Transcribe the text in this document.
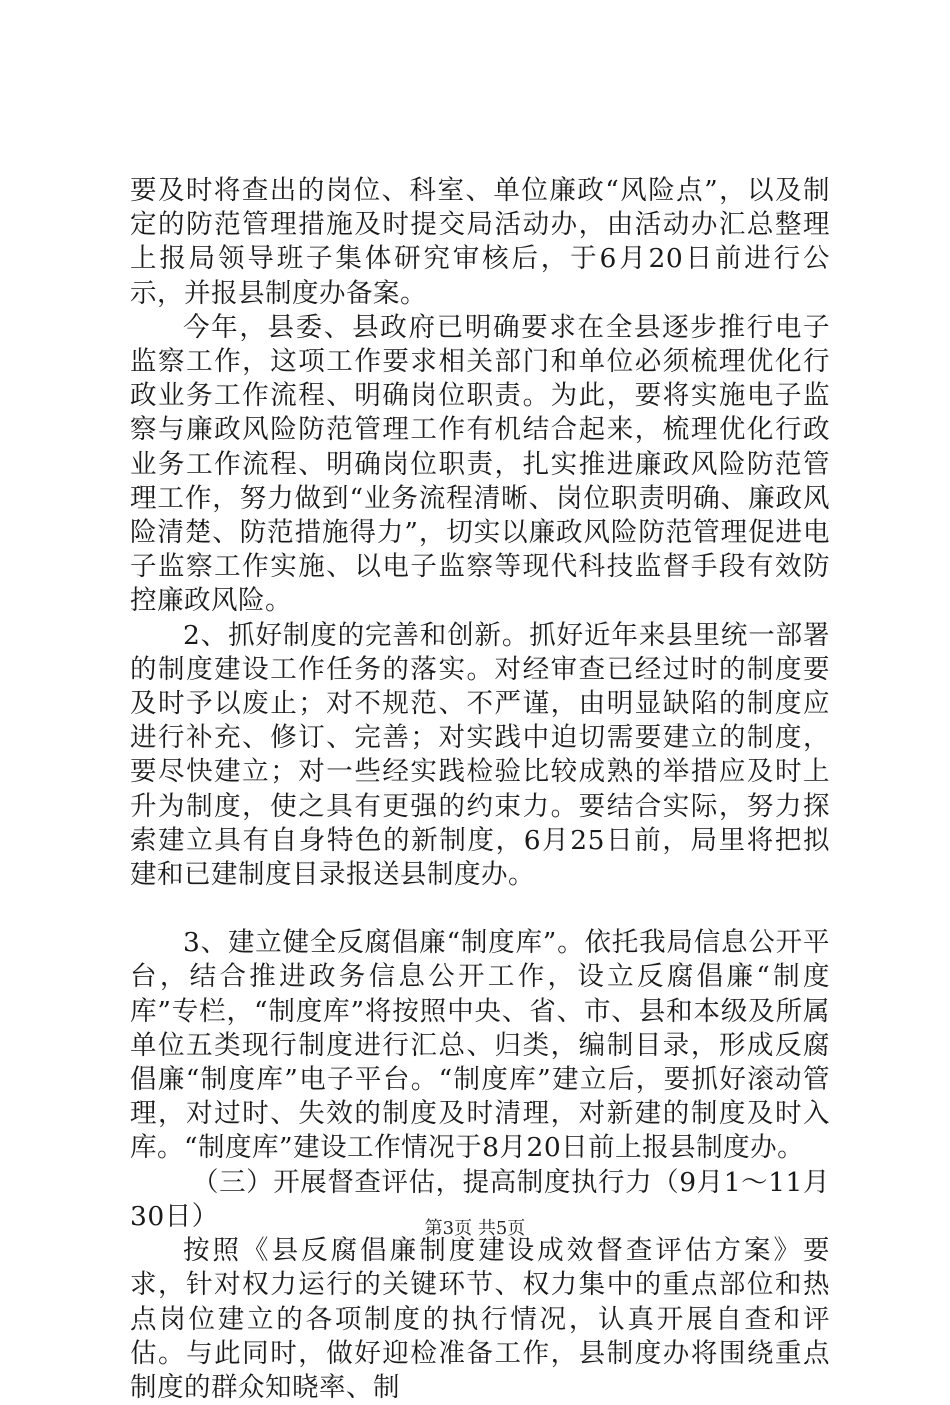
要及时将查出的岗位、科室、单位廉政“风险点”，以及制定的防范管理措施及时提交局活动办，由活动办汇总整理上报局领导班子集体研究审核后，于6月20日前进行公示，并报县制度办备案。

今年，县委、县政府已明确要求在全县逐步推行电子监察工作，这项工作要求相关部门和单位必须梳理优化行政业务工作流程、明确岗位职责。为此，要将实施电子监察与廉政风险防范管理工作有机结合起来，梳理优化行政业务工作流程、明确岗位职责，扎实推进廉政风险防范管理工作，努力做到“业务流程清晰、岗位职责明确、廉政风险清楚、防范措施得力”，切实以廉政风险防范管理促进电子监察工作实施、以电子监察等现代科技监督手段有效防控廉政风险。

2、抓好制度的完善和创新。抓好近年来县里统一部署的制度建设工作任务的落实。对经审查已经过时的制度要及时予以废止；对不规范、不严谨，由明显缺陷的制度应进行补充、修订、完善；对实践中迫切需要建立的制度，要尽快建立；对一些经实践检验比较成熟的举措应及时上升为制度，使之具有更强的约束力。要结合实际，努力探索建立具有自身特色的新制度，6月25日前，局里将把拟建和已建制度目录报送县制度办。

3、建立健全反腐倡廉“制度库”。依托我局信息公开平台，结合推进政务信息公开工作，设立反腐倡廉“制度库”专栏，“制度库”将按照中央、省、市、县和本级及所属单位五类现行制度进行汇总、归类，编制目录，形成反腐倡廉“制度库”电子平台。“制度库”建立后，要抓好滚动管理，对过时、失效的制度及时清理，对新建的制度及时入库。“制度库”建设工作情况于8月20日前上报县制度办。

（三）开展督查评估，提高制度执行力（9月1～11月30日）

按照《县反腐倡廉制度建设成效督查评估方案》要求，针对权力运行的关键环节、权力集中的重点部位和热点岗位建立的各项制度的执行情况，认真开展自查和评估。与此同时，做好迎检准备工作，县制度办将围绕重点制度的群众知晓率、制

第3页 共5页
